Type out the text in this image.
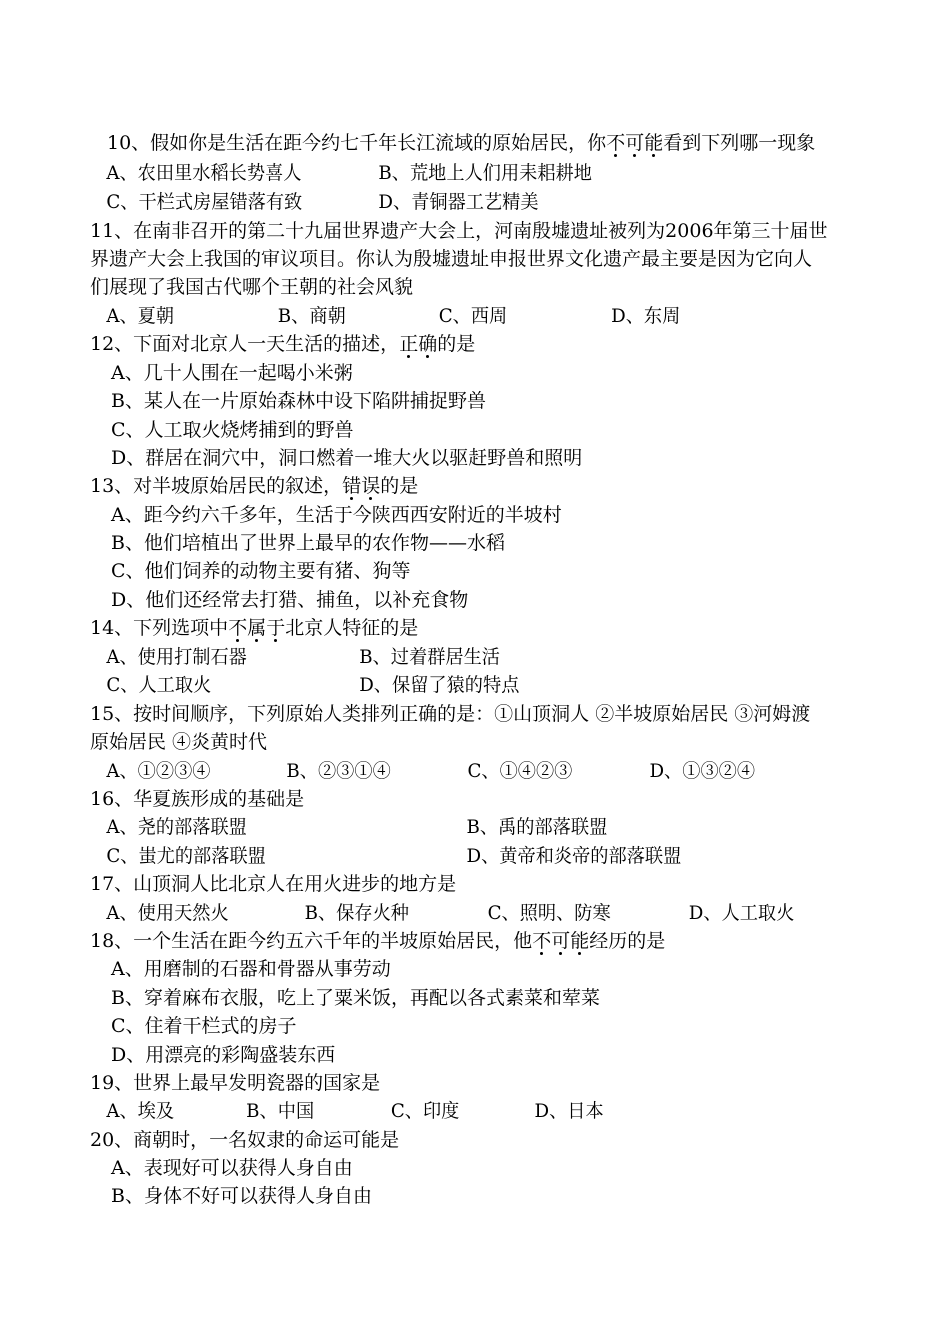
10、假如你是生活在距今约七千年长江流域的原始居民，你不可能看到下列哪一现象
A、农田里水稻长势喜人	B、荒地上人们用耒耜耕地
C、干栏式房屋错落有致	D、青铜器工艺精美
11、在南非召开的第二十九届世界遗产大会上，河南殷墟遗址被列为2006年第三十届世
界遗产大会上我国的审议项目。你认为殷墟遗址申报世界文化遗产最主要是因为它向人
们展现了我国古代哪个王朝的社会风貌
A、夏朝	B、商朝	C、西周	D、东周
12、下面对北京人一天生活的描述，正确的是
A、几十人围在一起喝小米粥
B、某人在一片原始森林中设下陷阱捕捉野兽
C、人工取火烧烤捕到的野兽
D、群居在洞穴中，洞口燃着一堆大火以驱赶野兽和照明
13、对半坡原始居民的叙述，错误的是
A、距今约六千多年，生活于今陕西西安附近的半坡村
B、他们培植出了世界上最早的农作物——水稻
C、他们饲养的动物主要有猪、狗等
D、他们还经常去打猎、捕鱼，以补充食物
14、下列选项中不属于北京人特征的是
A、使用打制石器	B、过着群居生活
C、人工取火	D、保留了猿的特点
15、按时间顺序，下列原始人类排列正确的是：①山顶洞人 ②半坡原始居民 ③河姆渡
原始居民 ④炎黄时代
A、①②③④	B、②③①④	C、①④②③	D、①③②④
16、华夏族形成的基础是
A、尧的部落联盟	B、禹的部落联盟
C、蚩尤的部落联盟	D、黄帝和炎帝的部落联盟
17、山顶洞人比北京人在用火进步的地方是
A、使用天然火	B、保存火种	C、照明、防寒	D、人工取火
18、一个生活在距今约五六千年的半坡原始居民，他不可能经历的是
A、用磨制的石器和骨器从事劳动
B、穿着麻布衣服，吃上了粟米饭，再配以各式素菜和荤菜
C、住着干栏式的房子
D、用漂亮的彩陶盛装东西
19、世界上最早发明瓷器的国家是
A、埃及	B、中国	C、印度	D、日本
20、商朝时，一名奴隶的命运可能是
A、表现好可以获得人身自由
B、身体不好可以获得人身自由
